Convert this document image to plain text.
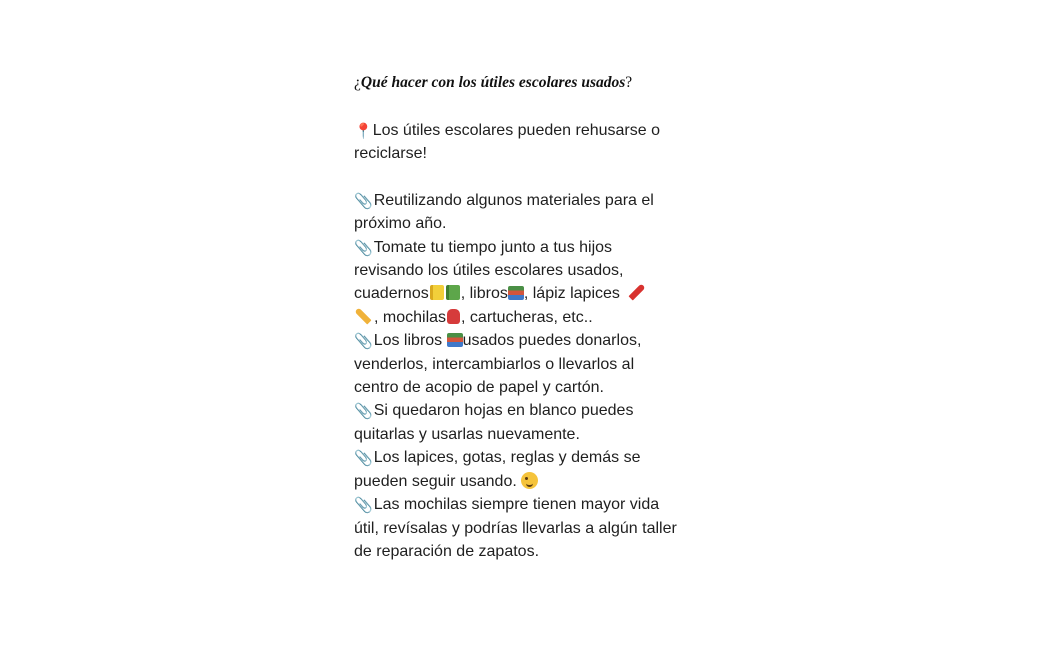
¿Qué hacer con los útiles escolares usados?

📍Los útiles escolares pueden rehusarse o
reciclarse!

📎Reutilizando algunos materiales para el
próximo año.

📎Tomate tu tiempo junto a tus hijos
revisando los útiles escolares usados,
cuadernos , libros , lápiz lapices
, mochilas , cartucheras, etc..

📎Los libros usados puedes donarlos,
venderlos, intercambiarlos o llevarlos al
centro de acopio de papel y cartón.

📎Si quedaron hojas en blanco puedes
quitarlas y usarlas nuevamente.

📎Los lapices, gotas, reglas y demás se
pueden seguir usando.

📎Las mochilas siempre tienen mayor vida
útil, revísalas y podrías llevarlas a algún taller
de reparación de zapatos.
